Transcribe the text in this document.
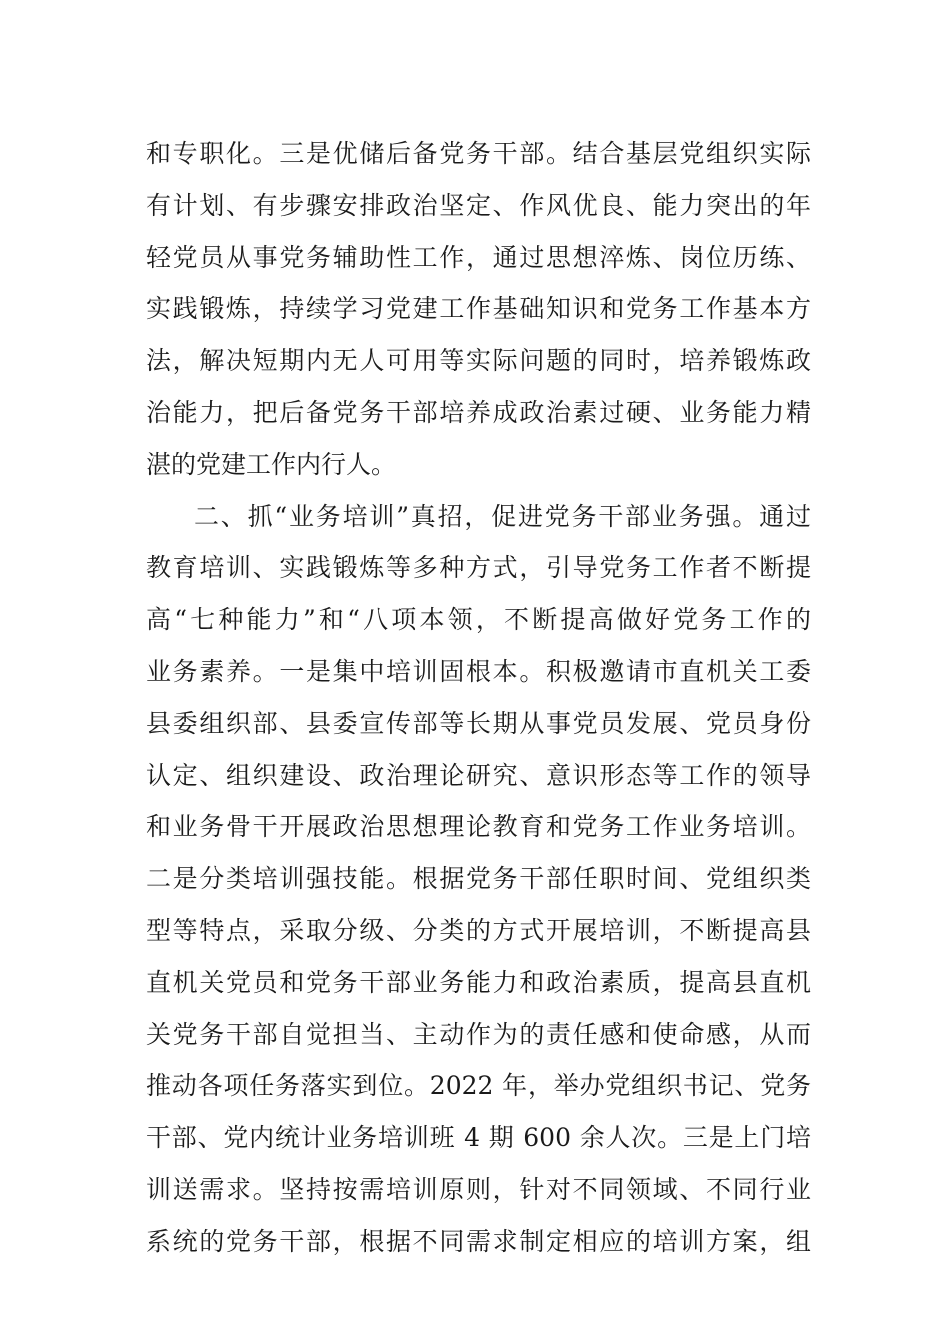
和专职化。三是优储后备党务干部。结合基层党组织实际
有计划、有步骤安排政治坚定、作风优良、能力突出的年
轻党员从事党务辅助性工作，通过思想淬炼、岗位历练、
实践锻炼，持续学习党建工作基础知识和党务工作基本方
法，解决短期内无人可用等实际问题的同时，培养锻炼政
治能力，把后备党务干部培养成政治素过硬、业务能力精
湛的党建工作内行人。
二、抓“业务培训”真招，促进党务干部业务强。通过
教育培训、实践锻炼等多种方式，引导党务工作者不断提
高“七种能力”和“八项本领，不断提高做好党务工作的
业务素养。一是集中培训固根本。积极邀请市直机关工委
县委组织部、县委宣传部等长期从事党员发展、党员身份
认定、组织建设、政治理论研究、意识形态等工作的领导
和业务骨干开展政治思想理论教育和党务工作业务培训。
二是分类培训强技能。根据党务干部任职时间、党组织类
型等特点，采取分级、分类的方式开展培训，不断提高县
直机关党员和党务干部业务能力和政治素质，提高县直机
关党务干部自觉担当、主动作为的责任感和使命感，从而
推动各项任务落实到位。2022 年，举办党组织书记、党务
干部、党内统计业务培训班 4 期 600 余人次。三是上门培
训送需求。坚持按需培训原则，针对不同领域、不同行业
系统的党务干部，根据不同需求制定相应的培训方案，组
